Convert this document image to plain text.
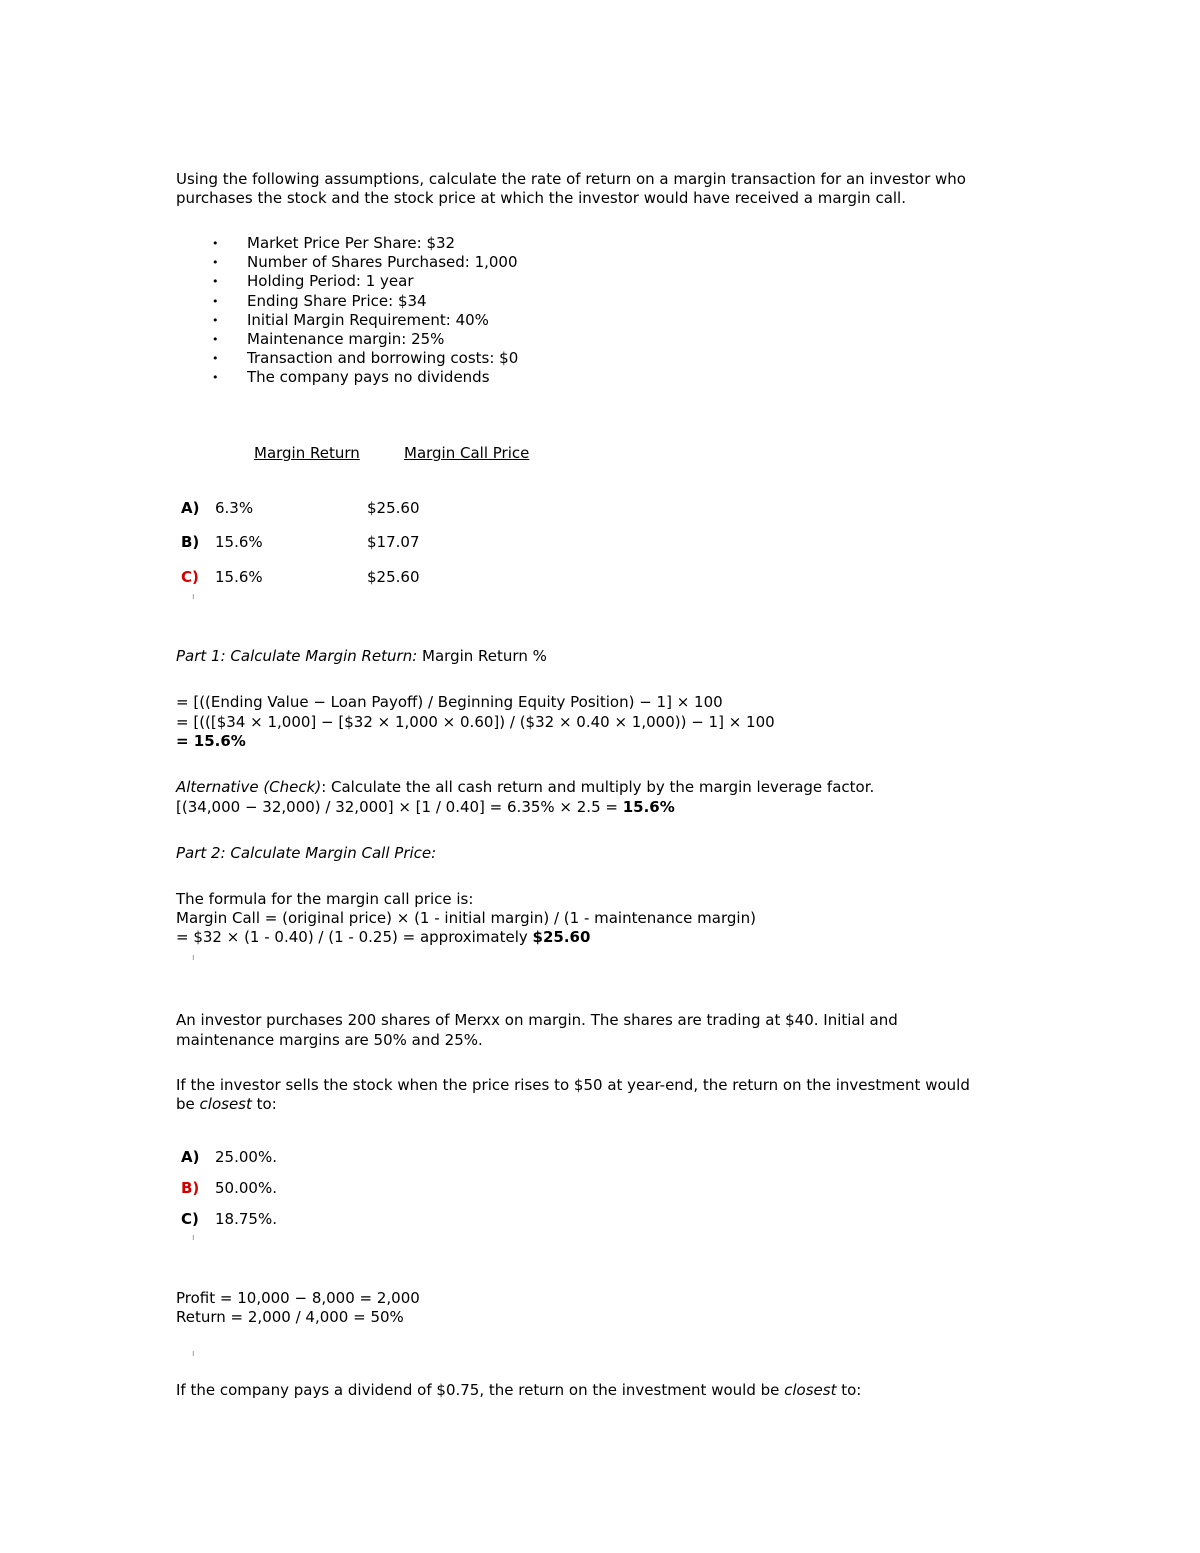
Using the following assumptions, calculate the rate of return on a margin transaction for an investor who
purchases the stock and the stock price at which the investor would have received a margin call.
• Market Price Per Share: $32
• Number of Shares Purchased: 1,000
• Holding Period: 1 year
• Ending Share Price: $34
• Initial Margin Requirement: 40%
• Maintenance margin: 25%
• Transaction and borrowing costs: $0
• The company pays no dividends
Margin Return	Margin Call Price
A) 6.3%	$25.60
B) 15.6%	$17.07
C) 15.6%	$25.60
ı
Part 1: Calculate Margin Return: Margin Return %
= [((Ending Value − Loan Payoff) / Beginning Equity Position) − 1] × 100
= [(([$34 × 1,000] − [$32 × 1,000 × 0.60]) / ($32 × 0.40 × 1,000)) − 1] × 100
= 15.6%
Alternative (Check): Calculate the all cash return and multiply by the margin leverage factor.
[(34,000 − 32,000) / 32,000] × [1 / 0.40] = 6.35% × 2.5 = 15.6%
Part 2: Calculate Margin Call Price:
The formula for the margin call price is:
Margin Call = (original price) × (1 - initial margin) / (1 - maintenance margin)
= $32 × (1 - 0.40) / (1 - 0.25) = approximately $25.60
ı
An investor purchases 200 shares of Merxx on margin. The shares are trading at $40. Initial and
maintenance margins are 50% and 25%.
If the investor sells the stock when the price rises to $50 at year-end, the return on the investment would
be closest to:
A) 25.00%.
B) 50.00%.
C) 18.75%.
ı
Profit = 10,000 − 8,000 = 2,000
Return = 2,000 / 4,000 = 50%
ı
If the company pays a dividend of $0.75, the return on the investment would be closest to:
